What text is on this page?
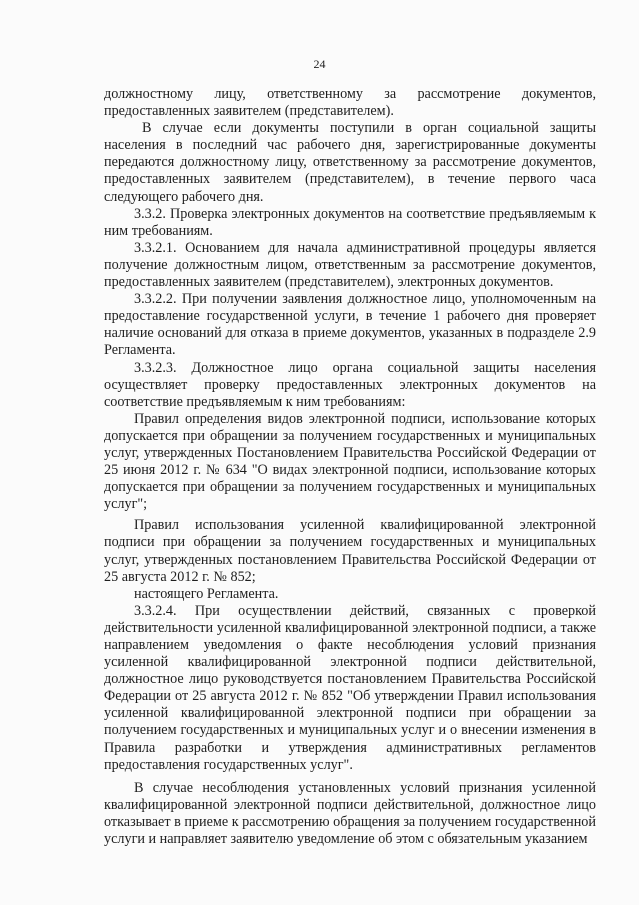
24

должностному лицу, ответственному за рассмотрение документов, предоставленных заявителем (представителем).

В случае если документы поступили в орган социальной защиты населения в последний час рабочего дня, зарегистрированные документы передаются должностному лицу, ответственному за рассмотрение документов, предоставленных заявителем (представителем), в течение первого часа следующего рабочего дня.

3.3.2. Проверка электронных документов на соответствие предъявляемым к ним требованиям.

3.3.2.1. Основанием для начала административной процедуры является получение должностным лицом, ответственным за рассмотрение документов, предоставленных заявителем (представителем), электронных документов.

3.3.2.2. При получении заявления должностное лицо, уполномоченным на предоставление государственной услуги, в течение 1 рабочего дня проверяет наличие оснований для отказа в приеме документов, указанных в подразделе 2.9 Регламента.

3.3.2.3. Должностное лицо органа социальной защиты населения осуществляет проверку предоставленных электронных документов на соответствие предъявляемым к ним требованиям:

Правил определения видов электронной подписи, использование которых допускается при обращении за получением государственных и муниципальных услуг, утвержденных Постановлением Правительства Российской Федерации от 25 июня 2012 г. № 634 "О видах электронной подписи, использование которых допускается при обращении за получением государственных и муниципальных услуг";

Правил использования усиленной квалифицированной электронной подписи при обращении за получением государственных и муниципальных услуг, утвержденных постановлением Правительства Российской Федерации от 25 августа 2012 г. № 852;

настоящего Регламента.

3.3.2.4. При осуществлении действий, связанных с проверкой действительности усиленной квалифицированной электронной подписи, а также направлением уведомления о факте несоблюдения условий признания усиленной квалифицированной электронной подписи действительной, должностное лицо руководствуется постановлением Правительства Российской Федерации от 25 августа 2012 г. № 852 "Об утверждении Правил использования усиленной квалифицированной электронной подписи при обращении за получением государственных и муниципальных услуг и о внесении изменения в Правила разработки и утверждения административных регламентов предоставления государственных услуг".

В случае несоблюдения установленных условий признания усиленной квалифицированной электронной подписи действительной, должностное лицо отказывает в приеме к рассмотрению обращения за получением государственной услуги и направляет заявителю уведомление об этом с обязательным указанием
